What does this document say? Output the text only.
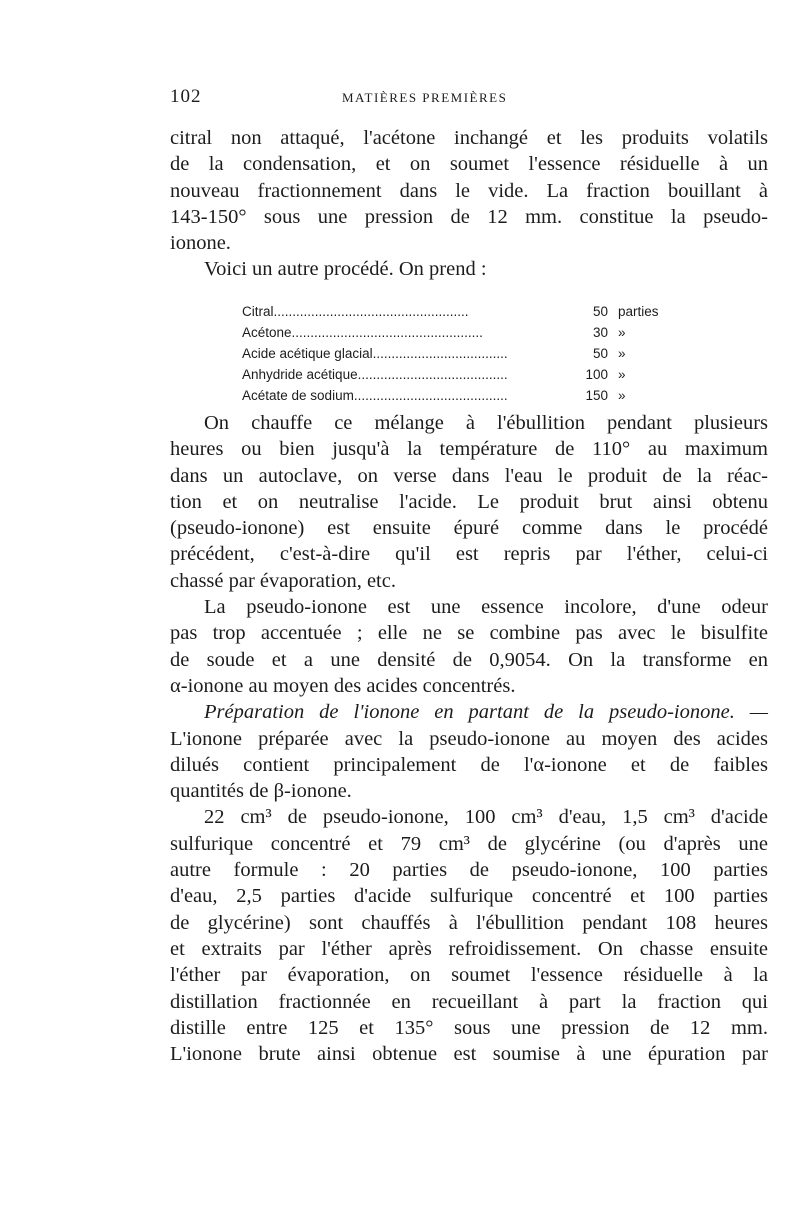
102	MATIÈRES PREMIÈRES
citral non attaqué, l'acétone inchangé et les produits volatils
de la condensation, et on soumet l'essence résiduelle à un
nouveau fractionnement dans le vide. La fraction bouillant à
143-150° sous une pression de 12 mm. constitue la pseudo-
ionone.
Voici un autre procédé. On prend :
Citral....................................................	50 parties
Acétone...................................................	30 »
Acide acétique glacial....................................	50 »
Anhydride acétique........................................	100 »
Acétate de sodium.........................................	150 »
On chauffe ce mélange à l'ébullition pendant plusieurs
heures ou bien jusqu'à la température de 110° au maximum
dans un autoclave, on verse dans l'eau le produit de la réac-
tion et on neutralise l'acide. Le produit brut ainsi obtenu
(pseudo-ionone) est ensuite épuré comme dans le procédé
précédent, c'est-à-dire qu'il est repris par l'éther, celui-ci
chassé par évaporation, etc.
La pseudo-ionone est une essence incolore, d'une odeur
pas trop accentuée ; elle ne se combine pas avec le bisulfite
de soude et a une densité de 0,9054. On la transforme en
α-ionone au moyen des acides concentrés.
Préparation de l'ionone en partant de la pseudo-ionone. —
L'ionone préparée avec la pseudo-ionone au moyen des acides
dilués contient principalement de l'α-ionone et de faibles
quantités de β-ionone.
22 cm³ de pseudo-ionone, 100 cm³ d'eau, 1,5 cm³ d'acide
sulfurique concentré et 79 cm³ de glycérine (ou d'après une
autre formule : 20 parties de pseudo-ionone, 100 parties
d'eau, 2,5 parties d'acide sulfurique concentré et 100 parties
de glycérine) sont chauffés à l'ébullition pendant 108 heures
et extraits par l'éther après refroidissement. On chasse ensuite
l'éther par évaporation, on soumet l'essence résiduelle à la
distillation fractionnée en recueillant à part la fraction qui
distille entre 125 et 135° sous une pression de 12 mm.
L'ionone brute ainsi obtenue est soumise à une épuration par
